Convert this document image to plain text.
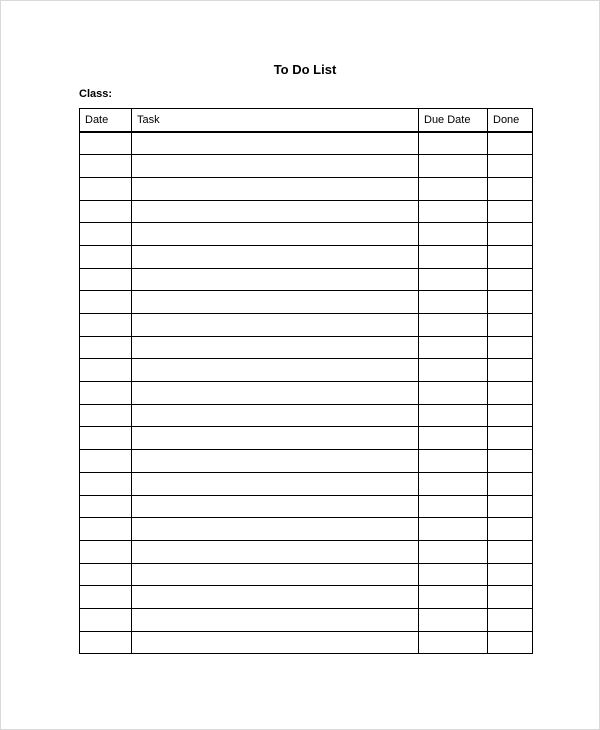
To Do List
Class:
Date	Task	Due Date	Done
